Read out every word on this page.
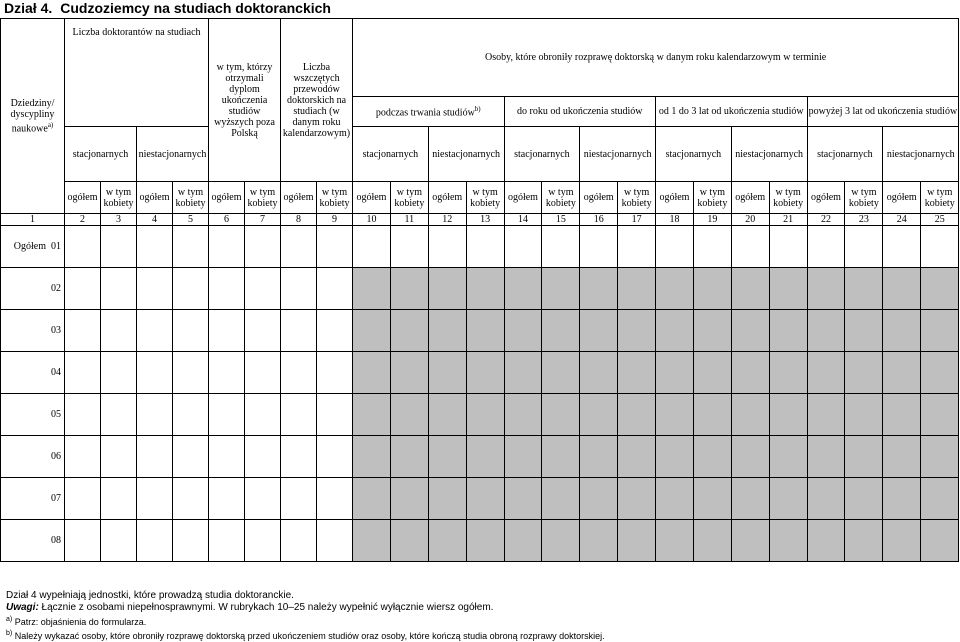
Dział 4. Cudzoziemcy na studiach doktoranckich
Dziedziny/ dyscypliny naukowe$^{a)}$	Liczba doktorantów na studiach				w tym, którzy otrzymali dyplom ukończenia studiów wyższych poza Polską		Liczba wszczętych przewodów doktorskich na studiach (w danym roku kalendarzowym)		Osoby, które obroniły rozprawę doktorską w danym roku kalendarzowym w terminie															
									podczas trwania studiów$^{b)}$				do roku od ukończenia studiów				od 1 do 3 lat od ukończenia studiów				powyżej 3 lat od ukończenia studiów			
	stacjonarnych		niestacjonarnych						stacjonarnych		niestacjonarnych		stacjonarnych		niestacjonarnych		stacjonarnych		niestacjonarnych		stacjonarnych		niestacjonarnych	
	ogółem	w tym kobiety	ogółem	w tym kobiety	ogółem	w tym kobiety	ogółem	w tym kobiety	ogółem	w tym kobiety	ogółem	w tym kobiety	ogółem	w tym kobiety	ogółem	w tym kobiety	ogółem	w tym kobiety	ogółem	w tym kobiety	ogółem	w tym kobiety	ogółem	w tym kobiety
1	2	3	4	5	6	7	8	9	10	11	12	13	14	15	16	17	18	19	20	21	22	23	24	25
Ogółem 01																								
02																								
03																								
04																								
05																								
06																								
07																								
08																								
Dział 4 wypełniają jednostki, które prowadzą studia doktoranckie.
Uwagi: Łącznie z osobami niepełnosprawnymi. W rubrykach 10–25 należy wypełnić wyłącznie wiersz ogółem.
$^{a)}$ Patrz: objaśnienia do formularza.
$^{b)}$ Należy wykazać osoby, które obroniły rozprawę doktorską przed ukończeniem studiów oraz osoby, które kończą studia obroną rozprawy doktorskiej.
